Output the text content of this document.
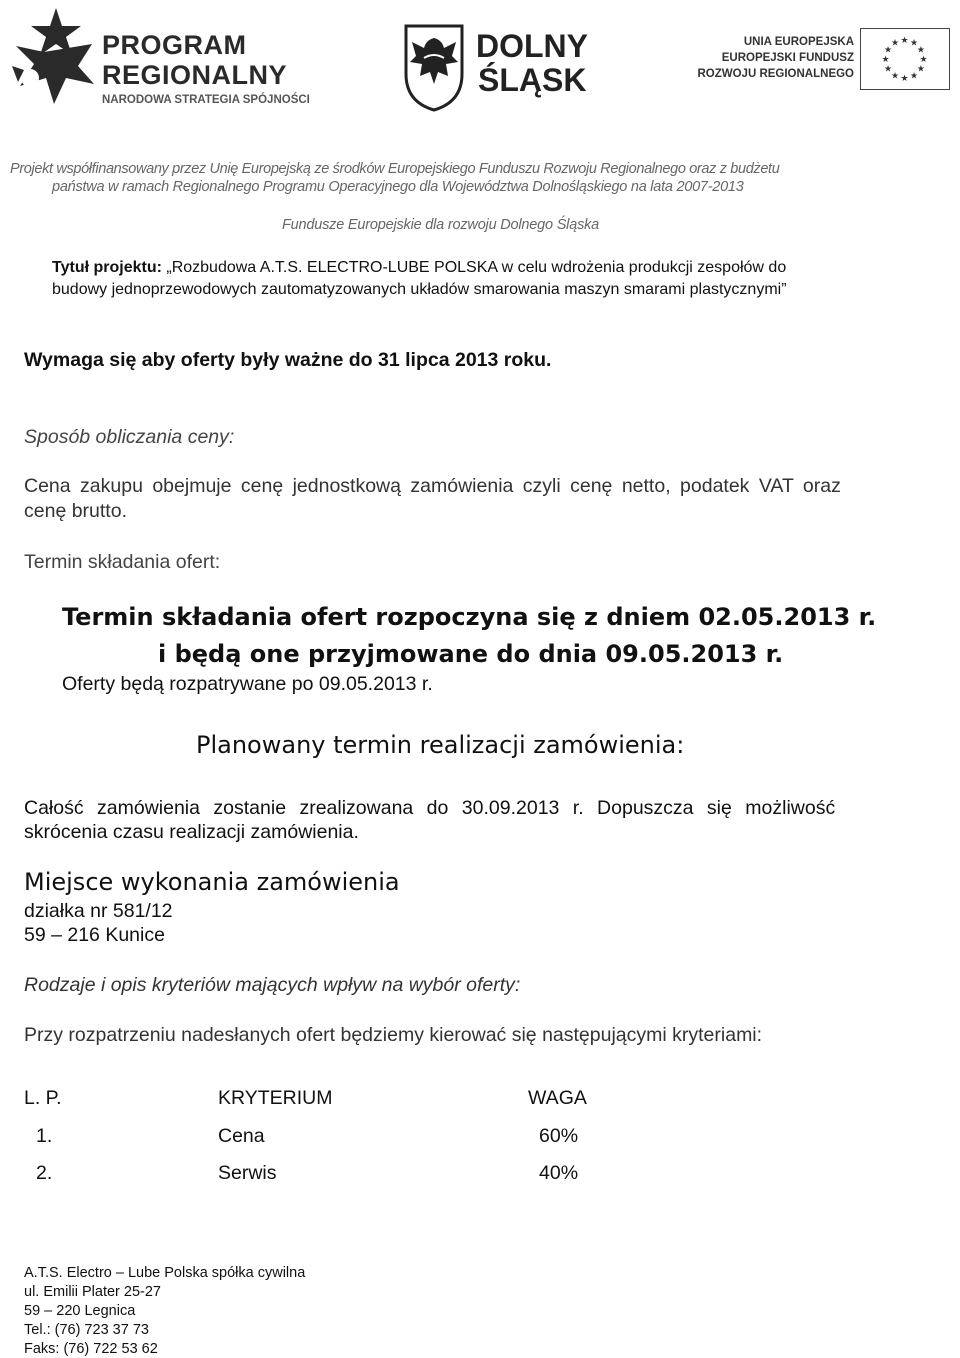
PROGRAM
REGIONALNY
NARODOWA STRATEGIA SPÓJNOŚCI
DOLNY
ŚLĄSK
UNIA EUROPEJSKA
EUROPEJSKI FUNDUSZ
ROZWOJU REGIONALNEGO
★
★
★
★
★
★
★
★
★ ★ ★
★
Projekt współfinansowany przez Unię Europejską ze środków Europejskiego Funduszu Rozwoju Regionalnego oraz z budżetu
państwa w ramach Regionalnego Programu Operacyjnego dla Województwa Dolnośląskiego na lata 2007-2013
Fundusze Europejskie dla rozwoju Dolnego Śląska
Tytuł projektu: „Rozbudowa A.T.S. ELECTRO-LUBE POLSKA w celu wdrożenia produkcji zespołów do
budowy jednoprzewodowych zautomatyzowanych układów smarowania maszyn smarami plastycznymi”
Wymaga się aby oferty były ważne do 31 lipca 2013 roku.
Sposób obliczania ceny:
Cena zakupu obejmuje cenę jednostkową zamówienia czyli cenę netto, podatek VAT oraz
cenę brutto.
Termin składania ofert:
Termin składania ofert rozpoczyna się z dniem 02.05.2013 r.
i będą one przyjmowane do dnia 09.05.2013 r.
Oferty będą rozpatrywane po 09.05.2013 r.
Planowany termin realizacji zamówienia:
Całość zamówienia zostanie zrealizowana do 30.09.2013 r. Dopuszcza się możliwość
skrócenia czasu realizacji zamówienia.
Miejsce wykonania zamówienia
działka nr 581/12
59 – 216 Kunice
Rodzaje i opis kryteriów mających wpływ na wybór oferty:
Przy rozpatrzeniu nadesłanych ofert będziemy kierować się następującymi kryteriami:
L. P.	KRYTERIUM	WAGA
1.	Cena	60%
2.	Serwis	40%
A.T.S. Electro – Lube Polska spółka cywilna
ul. Emilii Plater 25-27
59 – 220 Legnica
Tel.: (76) 723 37 73
Faks: (76) 722 53 62
